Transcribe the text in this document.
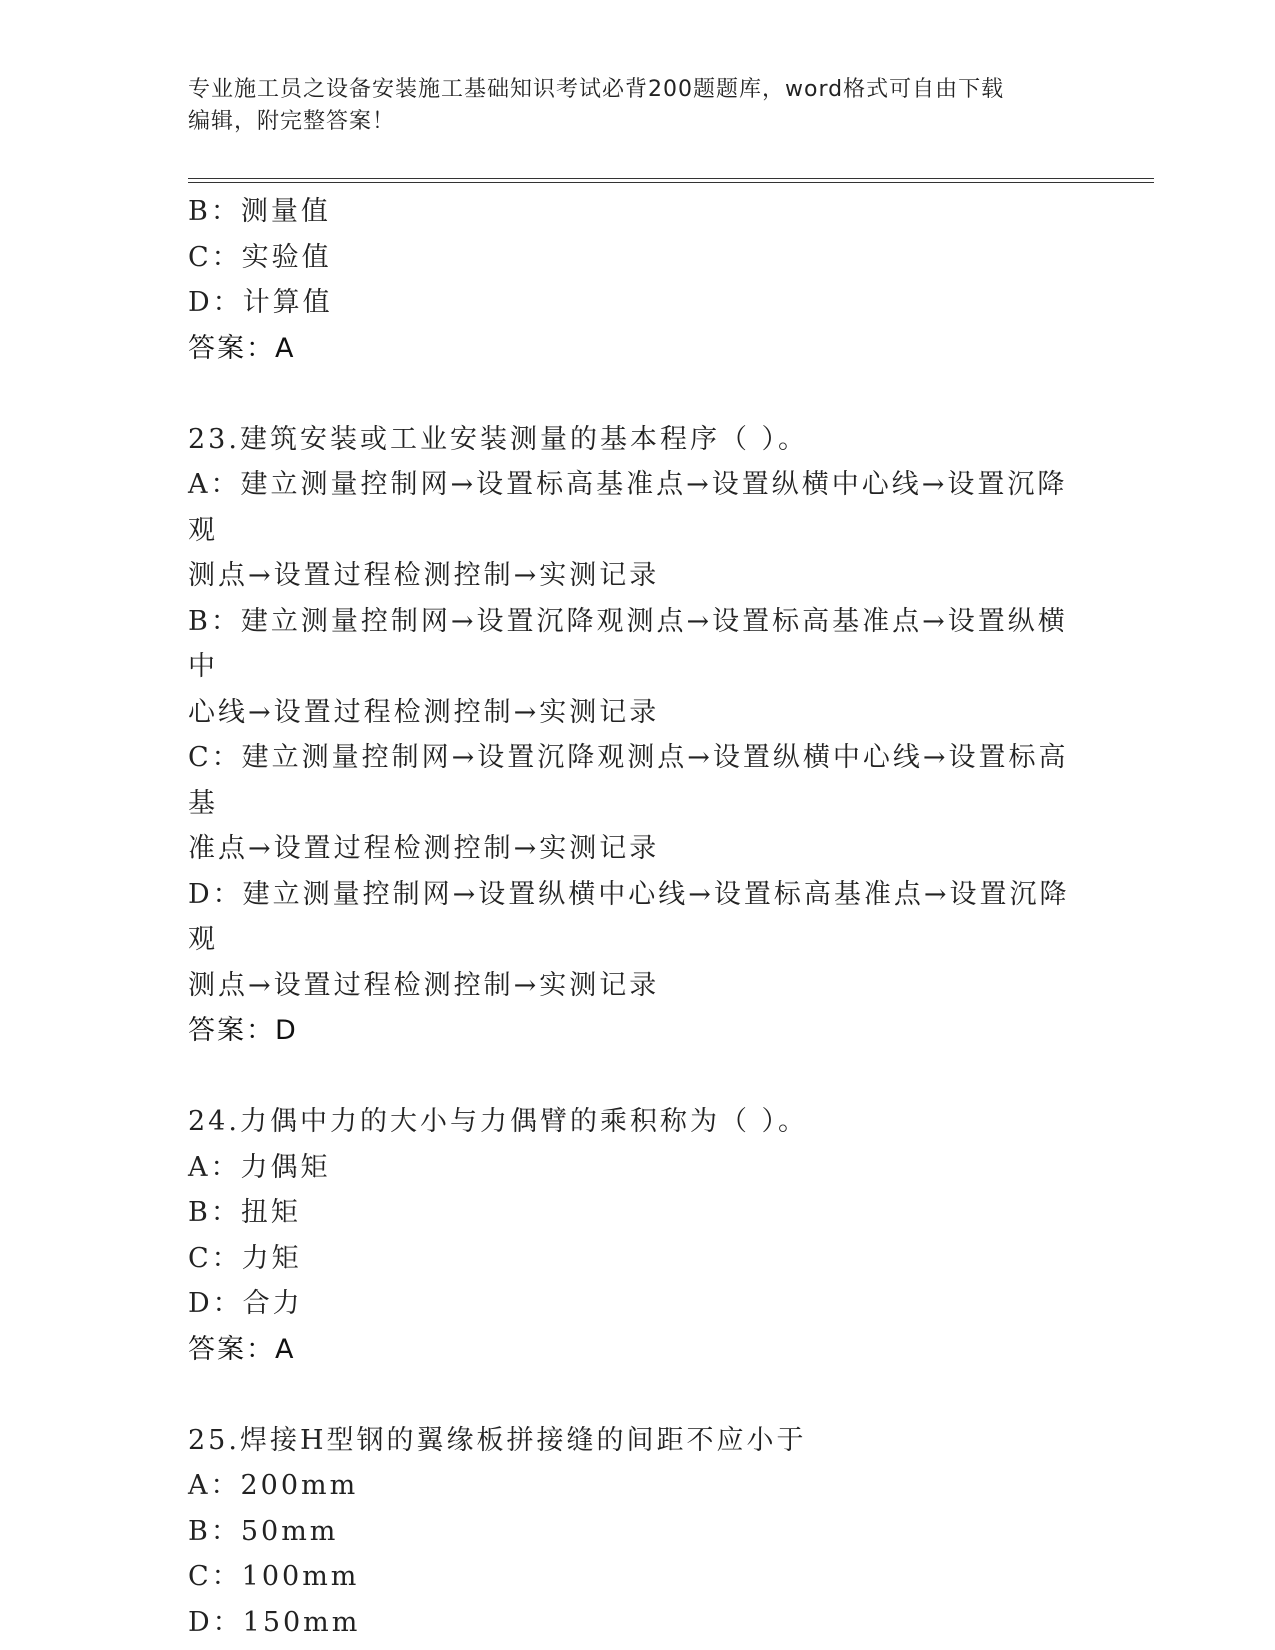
专业施工员之设备安装施工基础知识考试必背200题题库，word格式可自由下载
编辑，附完整答案！
B：测量值
C：实验值
D：计算值
答案：A
23.建筑安装或工业安装测量的基本程序（ ）。
A：建立测量控制网→设置标高基准点→设置纵横中心线→设置沉降观
测点→设置过程检测控制→实测记录
B：建立测量控制网→设置沉降观测点→设置标高基准点→设置纵横中
心线→设置过程检测控制→实测记录
C：建立测量控制网→设置沉降观测点→设置纵横中心线→设置标高基
准点→设置过程检测控制→实测记录
D：建立测量控制网→设置纵横中心线→设置标高基准点→设置沉降观
测点→设置过程检测控制→实测记录
答案：D
24.力偶中力的大小与力偶臂的乘积称为（ ）。
A：力偶矩
B：扭矩
C：力矩
D：合力
答案：A
25.焊接H型钢的翼缘板拼接缝的间距不应小于
A：200mm
B：50mm
C：100mm
D：150mm
